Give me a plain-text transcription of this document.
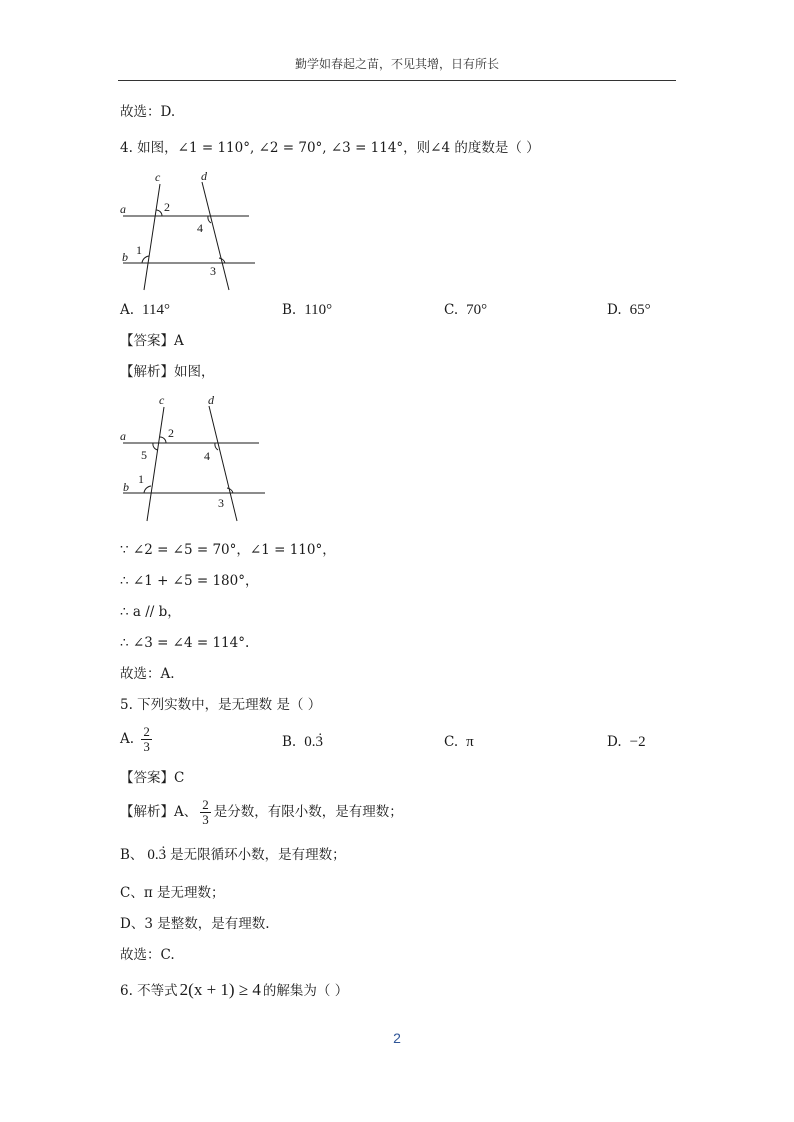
勤学如春起之苗，不见其增，日有所长
故选：D.
4. 如图，∠1 = 110°, ∠2 = 70°, ∠3 = 114°，则∠4 的度数是（ ）
c	d
a
b
2
4
1
3
A. 114°	B. 110°	C. 70°	D. 65°
【答案】A
【解析】如图，
c	d
a
b
2
5	4
1
3
∵ ∠2 = ∠5 = 70°，∠1 = 110°，
∴ ∠1 + ∠5 = 180°，
∴ a // b，
∴ ∠3 = ∠4 = 114°.
故选：A.
5. 下列实数中，是无理数 是（ ）
A. $\frac{2}{3}$	B. 0.3 .	C. π	D. −2
【答案】C
【解析】A、 $\frac{2}{3}$ 是分数，有限小数，是有理数；
B、 0.3 . 是无限循环小数，是有理数；
C、π 是无理数；
D、3 是整数，是有理数.
故选：C.
6. 不等式 2(x + 1) ≥ 4 的解集为（ ）
2
